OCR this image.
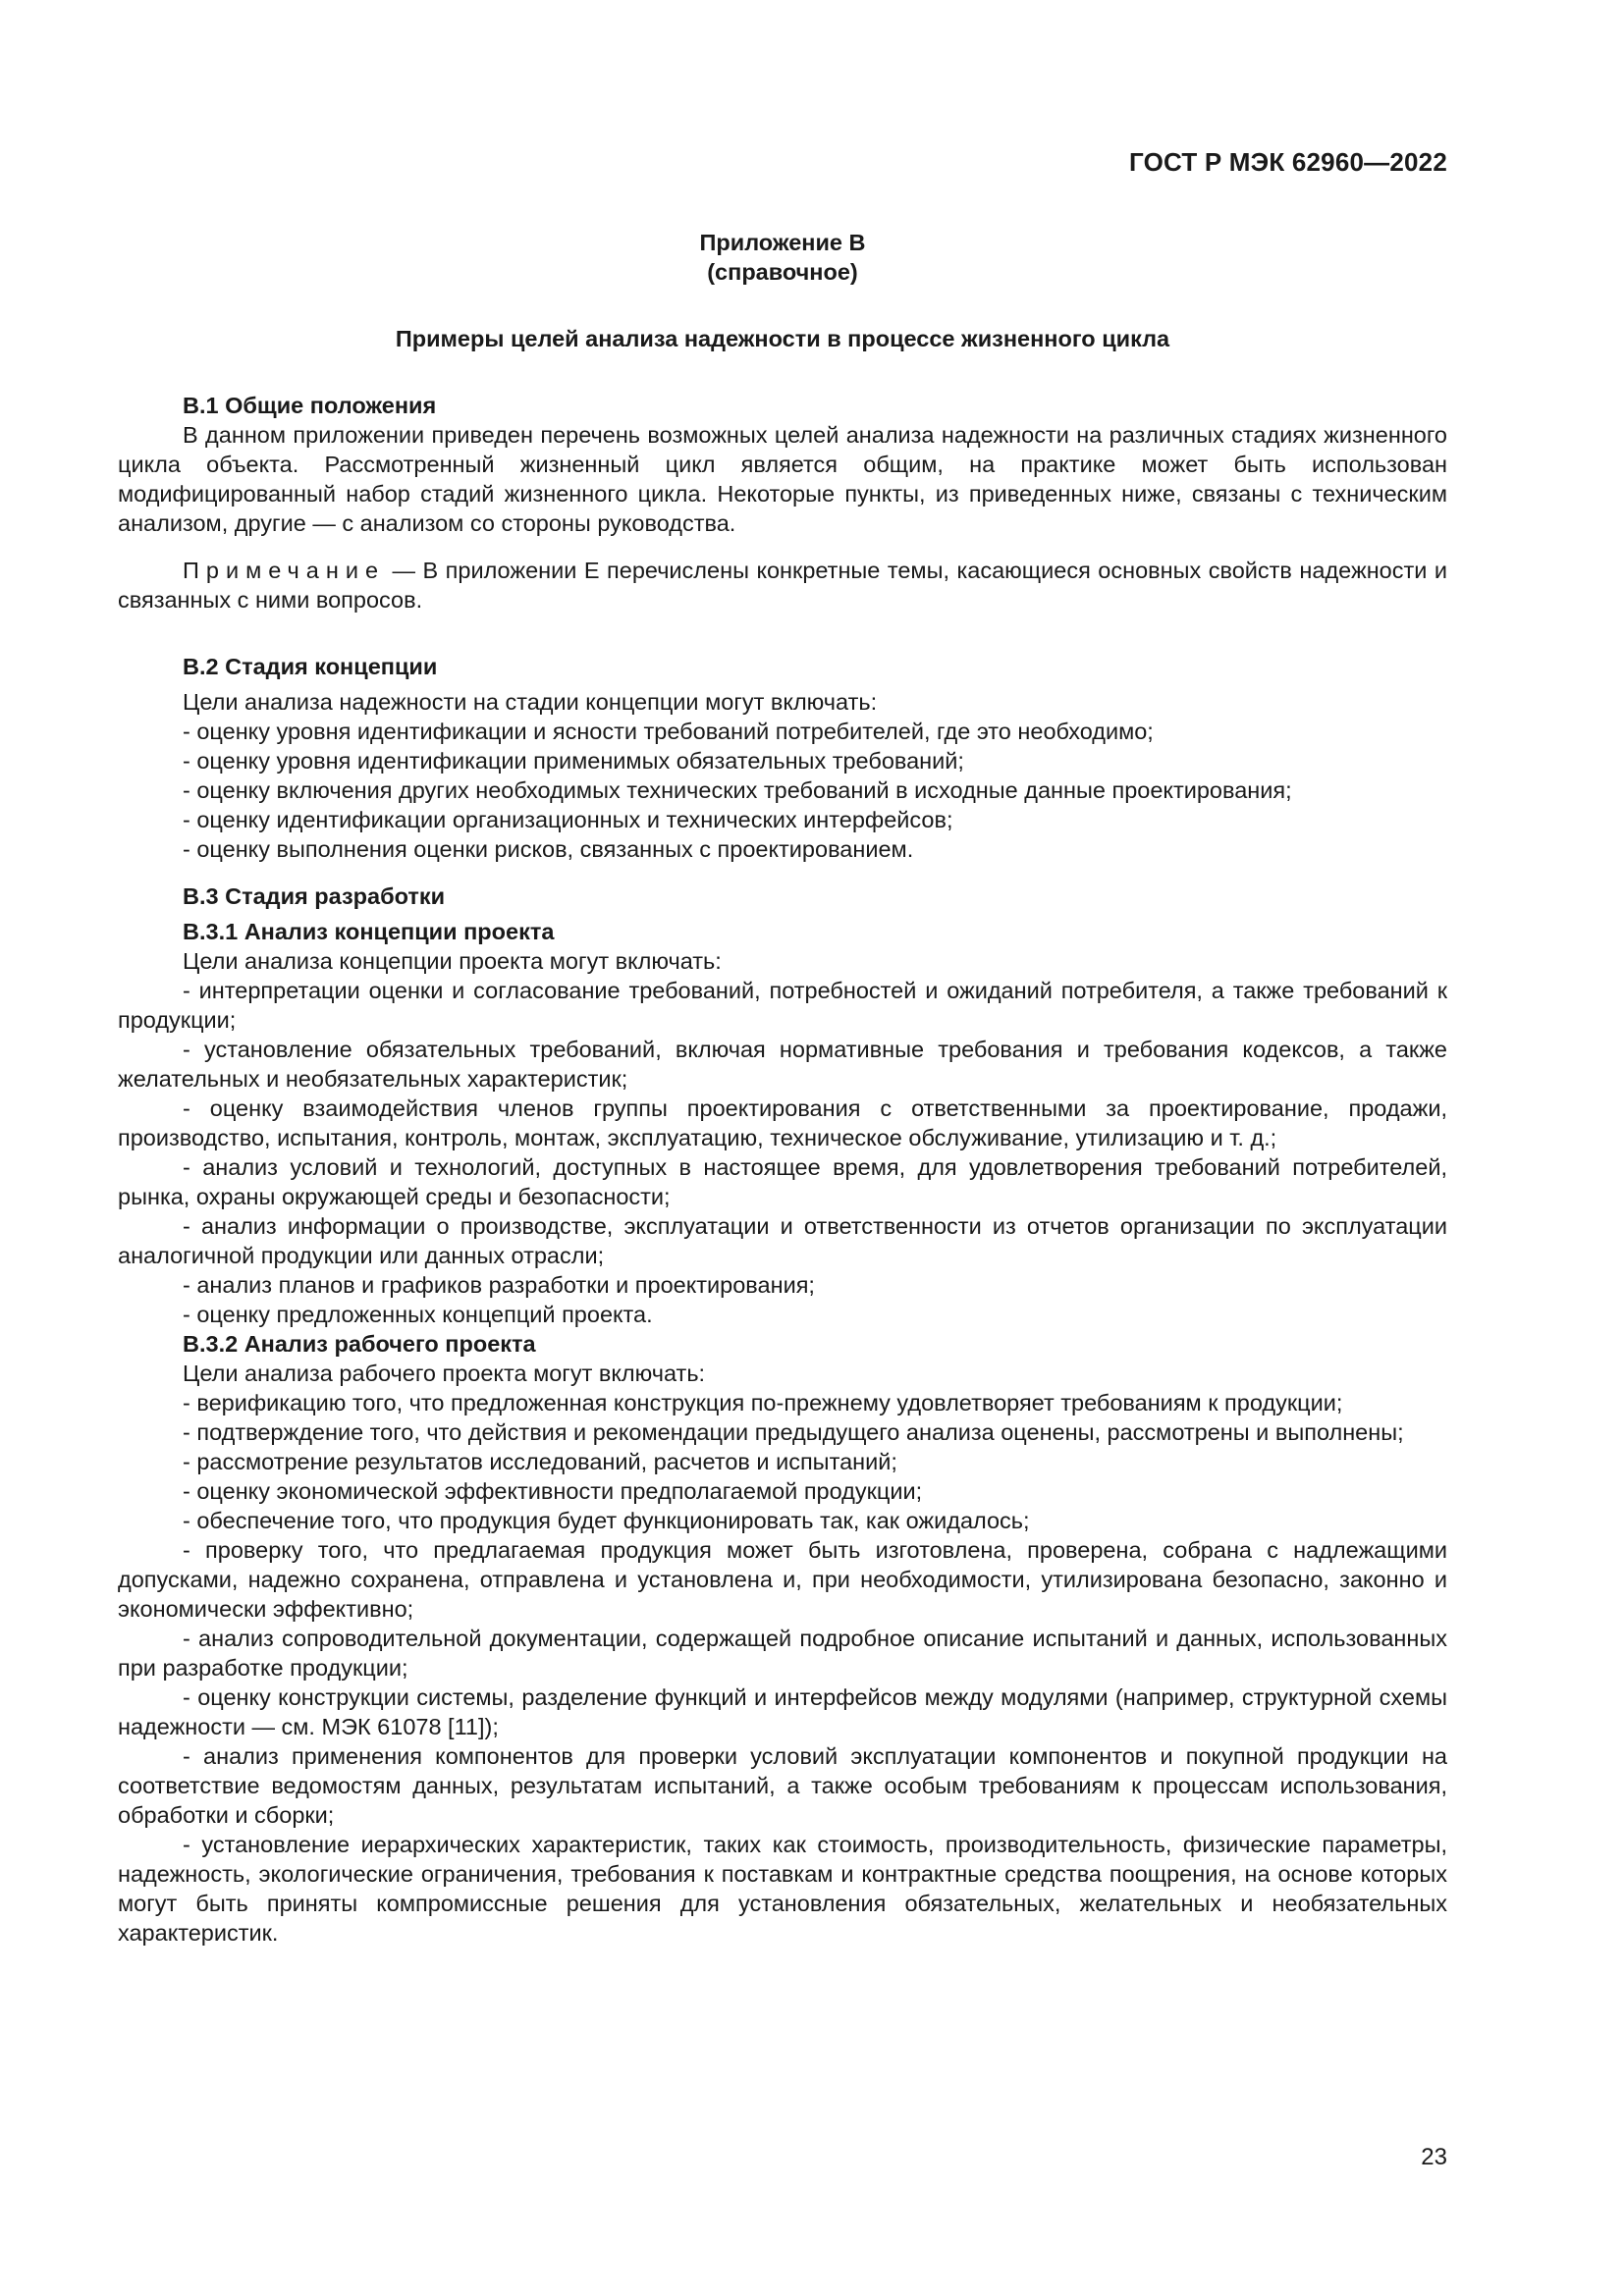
ГОСТ Р МЭК 62960—2022

Приложение В

(справочное)

Примеры целей анализа надежности в процессе жизненного цикла

В.1 Общие положения

В данном приложении приведен перечень возможных целей анализа надежности на различных стадиях жизненного цикла объекта. Рассмотренный жизненный цикл является общим, на практике может быть использован модифицированный набор стадий жизненного цикла. Некоторые пункты, из приведенных ниже, связаны с техническим анализом, другие — с анализом со стороны руководства.

Примечание — В приложении Е перечислены конкретные темы, касающиеся основных свойств надежности и связанных с ними вопросов.

В.2 Стадия концепции

Цели анализа надежности на стадии концепции могут включать:

- оценку уровня идентификации и ясности требований потребителей, где это необходимо;

- оценку уровня идентификации применимых обязательных требований;

- оценку включения других необходимых технических требований в исходные данные проектирования;

- оценку идентификации организационных и технических интерфейсов;

- оценку выполнения оценки рисков, связанных с проектированием.

В.3 Стадия разработки

В.3.1 Анализ концепции проекта

Цели анализа концепции проекта могут включать:

- интерпретации оценки и согласование требований, потребностей и ожиданий потребителя, а также требований к продукции;

- установление обязательных требований, включая нормативные требования и требования кодексов, а также желательных и необязательных характеристик;

- оценку взаимодействия членов группы проектирования с ответственными за проектирование, продажи, производство, испытания, контроль, монтаж, эксплуатацию, техническое обслуживание, утилизацию и т. д.;

- анализ условий и технологий, доступных в настоящее время, для удовлетворения требований потребителей, рынка, охраны окружающей среды и безопасности;

- анализ информации о производстве, эксплуатации и ответственности из отчетов организации по эксплуатации аналогичной продукции или данных отрасли;

- анализ планов и графиков разработки и проектирования;

- оценку предложенных концепций проекта.

В.3.2 Анализ рабочего проекта

Цели анализа рабочего проекта могут включать:

- верификацию того, что предложенная конструкция по-прежнему удовлетворяет требованиям к продукции;

- подтверждение того, что действия и рекомендации предыдущего анализа оценены, рассмотрены и выполнены;

- рассмотрение результатов исследований, расчетов и испытаний;

- оценку экономической эффективности предполагаемой продукции;

- обеспечение того, что продукция будет функционировать так, как ожидалось;

- проверку того, что предлагаемая продукция может быть изготовлена, проверена, собрана с надлежащими допусками, надежно сохранена, отправлена и установлена и, при необходимости, утилизирована безопасно, законно и экономически эффективно;

- анализ сопроводительной документации, содержащей подробное описание испытаний и данных, использованных при разработке продукции;

- оценку конструкции системы, разделение функций и интерфейсов между модулями (например, структурной схемы надежности — см. МЭК 61078 [11]);

- анализ применения компонентов для проверки условий эксплуатации компонентов и покупной продукции на соответствие ведомостям данных, результатам испытаний, а также особым требованиям к процессам использования, обработки и сборки;

- установление иерархических характеристик, таких как стоимость, производительность, физические параметры, надежность, экологические ограничения, требования к поставкам и контрактные средства поощрения, на основе которых могут быть приняты компромиссные решения для установления обязательных, желательных и необязательных характеристик.

23
